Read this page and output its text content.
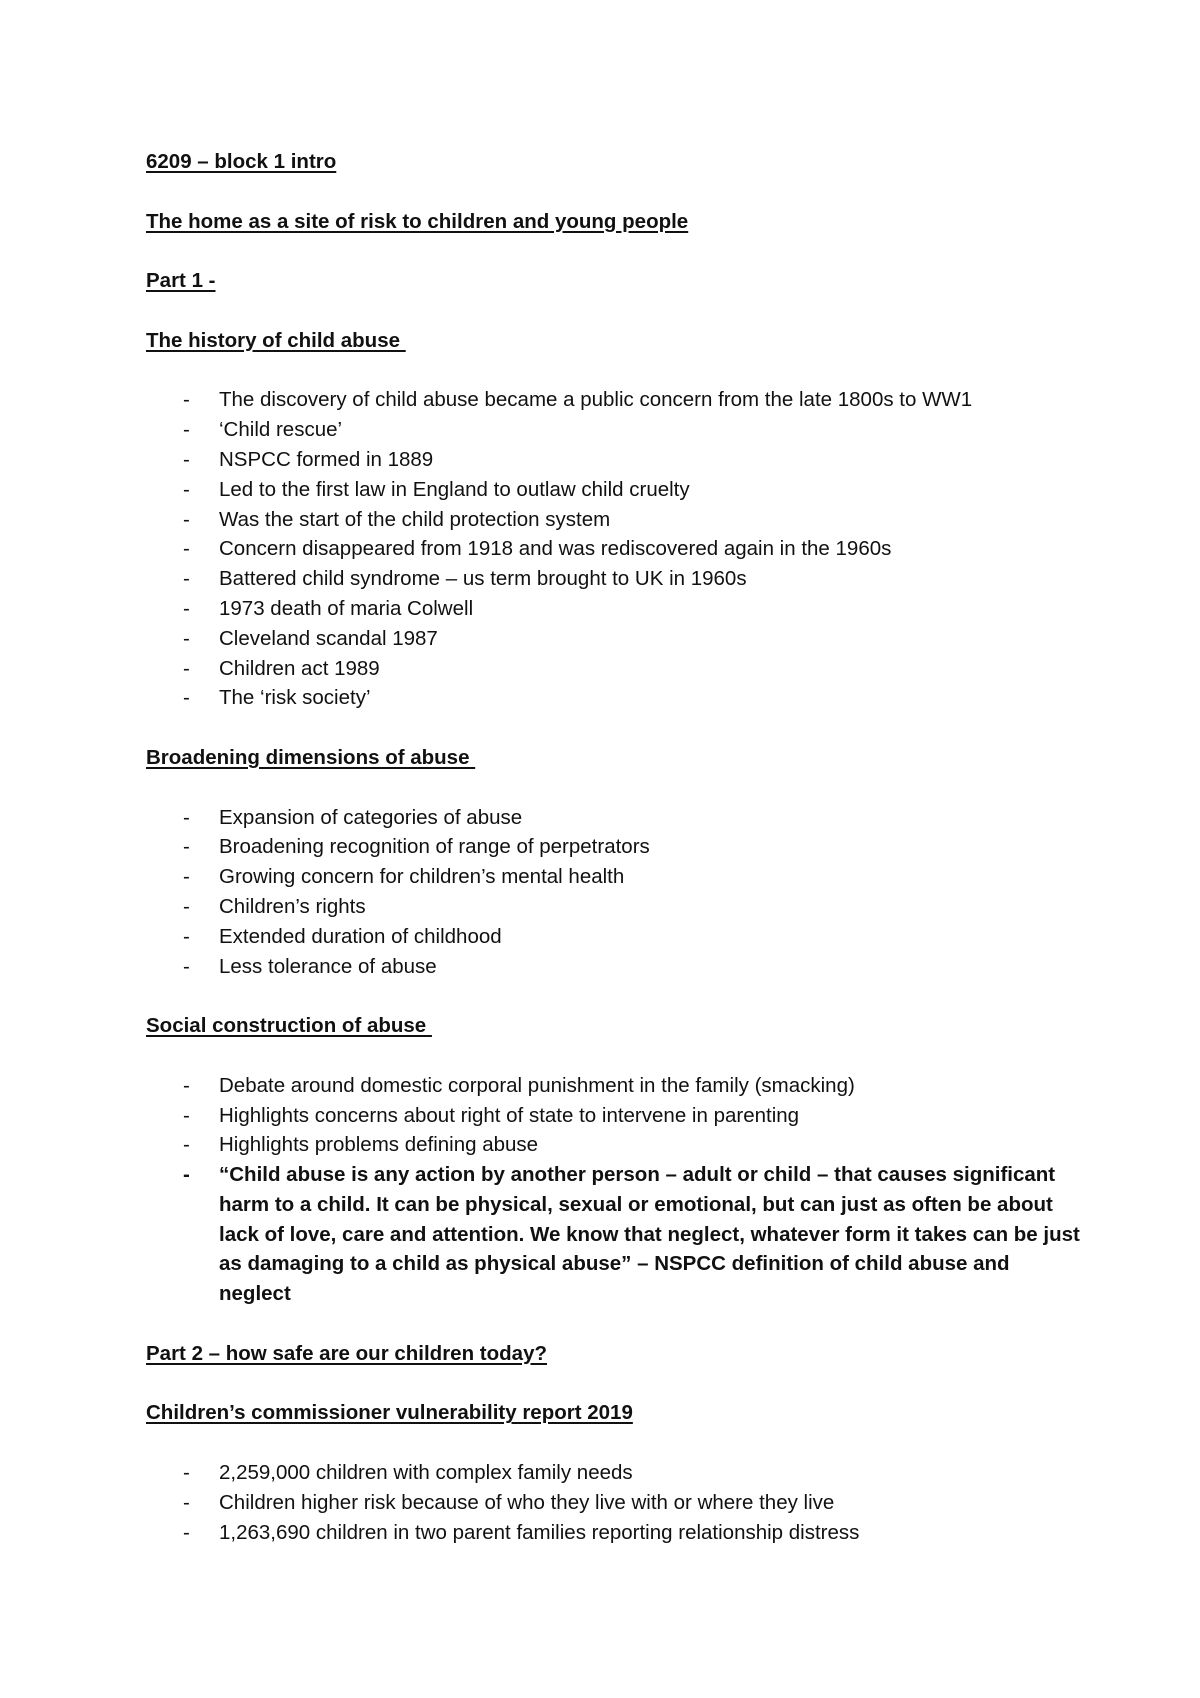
6209 – block 1 intro

The home as a site of risk to children and young people

Part 1 -

The history of child abuse

-	The discovery of child abuse became a public concern from the late 1800s to WW1
-	‘Child rescue’
-	NSPCC formed in 1889
-	Led to the first law in England to outlaw child cruelty
-	Was the start of the child protection system
-	Concern disappeared from 1918 and was rediscovered again in the 1960s
-	Battered child syndrome – us term brought to UK in 1960s
-	1973 death of maria Colwell
-	Cleveland scandal 1987
-	Children act 1989
-	The ‘risk society’

Broadening dimensions of abuse

-	Expansion of categories of abuse
-	Broadening recognition of range of perpetrators
-	Growing concern for children’s mental health
-	Children’s rights
-	Extended duration of childhood
-	Less tolerance of abuse

Social construction of abuse

-	Debate around domestic corporal punishment in the family (smacking)
-	Highlights concerns about right of state to intervene in parenting
-	Highlights problems defining abuse
-	“Child abuse is any action by another person – adult or child – that causes significant harm to a child. It can be physical, sexual or emotional, but can just as often be about lack of love, care and attention. We know that neglect, whatever form it takes can be just as damaging to a child as physical abuse” – NSPCC definition of child abuse and neglect

Part 2 – how safe are our children today?

Children’s commissioner vulnerability report 2019

-	2,259,000 children with complex family needs
-	Children higher risk because of who they live with or where they live
-	1,263,690 children in two parent families reporting relationship distress
